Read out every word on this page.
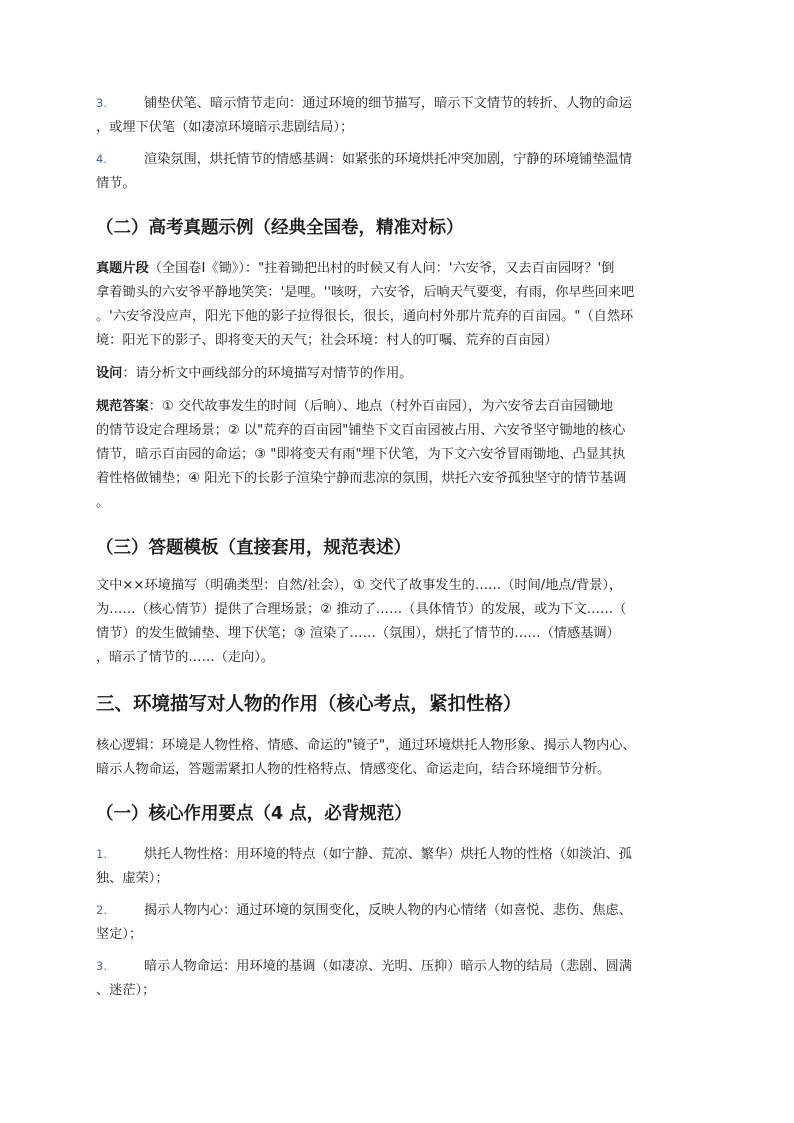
3.	铺垫伏笔、暗示情节走向：通过环境的细节描写，暗示下文情节的转折、人物的命运
，或埋下伏笔（如凄凉环境暗示悲剧结局）；
4.	渲染氛围，烘托情节的情感基调：如紧张的环境烘托冲突加剧，宁静的环境铺垫温情
情节。
（二）高考真题示例（经典全国卷，精准对标）
真题片段（全国卷Ⅰ《锄》）："拄着锄把出村的时候又有人问：'六安爷，又去百亩园呀？'倒
拿着锄头的六安爷平静地笑笑：'是哩。''咳呀，六安爷，后晌天气要变，有雨，你早些回来吧
。'六安爷没应声，阳光下他的影子拉得很长，很长，通向村外那片荒弃的百亩园。"（自然环
境：阳光下的影子、即将变天的天气；社会环境：村人的叮嘱、荒弃的百亩园）
设问：请分析文中画线部分的环境描写对情节的作用。
规范答案：① 交代故事发生的时间（后晌）、地点（村外百亩园），为六安爷去百亩园锄地
的情节设定合理场景；② 以"荒弃的百亩园"铺垫下文百亩园被占用、六安爷坚守锄地的核心
情节，暗示百亩园的命运；③ "即将变天有雨"埋下伏笔，为下文六安爷冒雨锄地、凸显其执
着性格做铺垫；④ 阳光下的长影子渲染宁静而悲凉的氛围，烘托六安爷孤独坚守的情节基调
。
（三）答题模板（直接套用，规范表述）
文中××环境描写（明确类型：自然/社会），① 交代了故事发生的……（时间/地点/背景），
为……（核心情节）提供了合理场景；② 推动了……（具体情节）的发展，或为下文……（
情节）的发生做铺垫、埋下伏笔；③ 渲染了……（氛围），烘托了情节的……（情感基调）
，暗示了情节的……（走向）。
三、环境描写对人物的作用（核心考点，紧扣性格）
核心逻辑：环境是人物性格、情感、命运的"镜子"，通过环境烘托人物形象、揭示人物内心、
暗示人物命运，答题需紧扣人物的性格特点、情感变化、命运走向，结合环境细节分析。
（一）核心作用要点（4 点，必背规范）
1.	烘托人物性格：用环境的特点（如宁静、荒凉、繁华）烘托人物的性格（如淡泊、孤
独、虚荣）；
2.	揭示人物内心：通过环境的氛围变化，反映人物的内心情绪（如喜悦、悲伤、焦虑、
坚定）；
3.	暗示人物命运：用环境的基调（如凄凉、光明、压抑）暗示人物的结局（悲剧、圆满
、迷茫）；
